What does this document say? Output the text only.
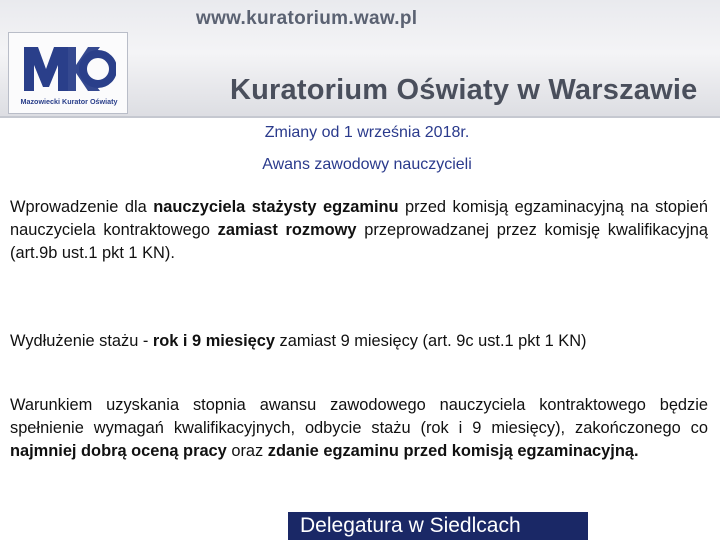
www.kuratorium.waw.pl
Mazowiecki Kurator Oświaty	Kuratorium Oświaty w Warszawie
Zmiany od 1 września 2018r.
Awans zawodowy nauczycieli
Wprowadzenie dla nauczyciela stażysty egzaminu przed komisją egzaminacyjną na stopień nauczyciela kontraktowego zamiast rozmowy przeprowadzanej przez komisję kwalifikacyjną (art.9b ust.1 pkt 1 KN).
Wydłużenie stażu - rok i 9 miesięcy zamiast 9 miesięcy (art. 9c ust.1 pkt 1 KN)
Warunkiem uzyskania stopnia awansu zawodowego nauczyciela kontraktowego będzie spełnienie wymagań kwalifikacyjnych, odbycie stażu (rok i 9 miesięcy), zakończonego co najmniej dobrą oceną pracy oraz zdanie egzaminu przed komisją egzaminacyjną.
Delegatura w Siedlcach
